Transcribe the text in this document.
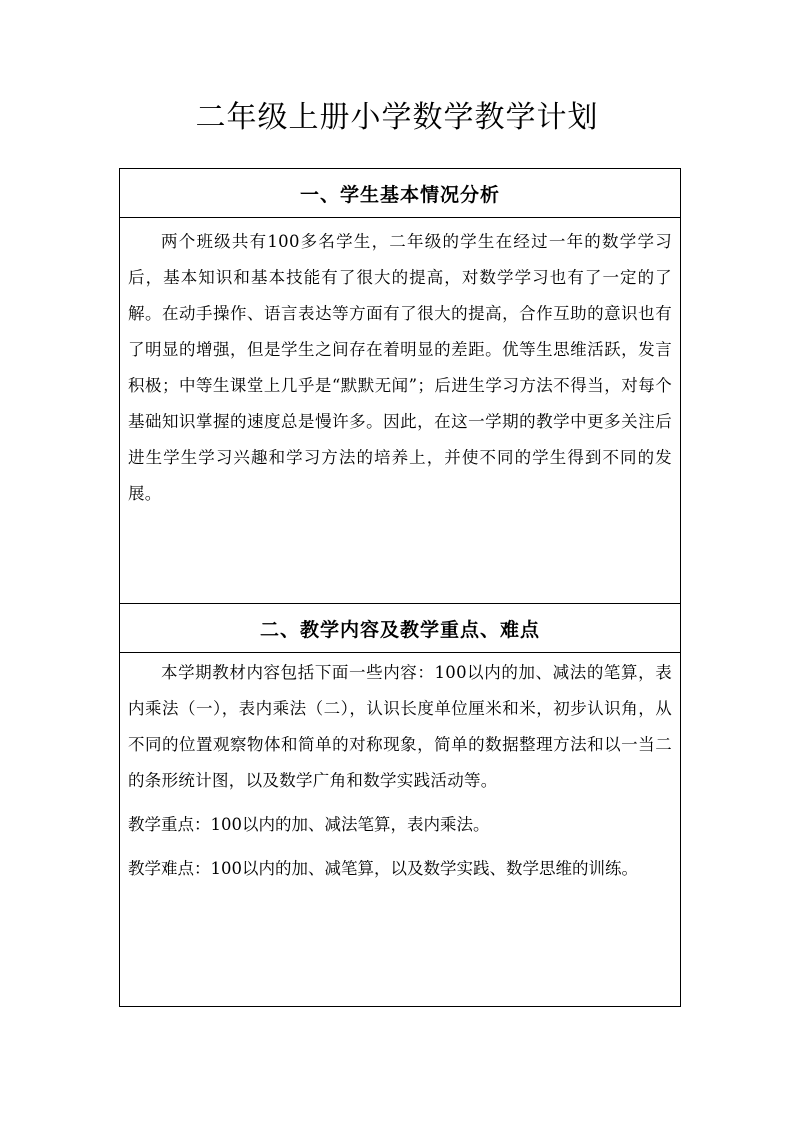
二年级上册小学数学教学计划
一、学生基本情况分析

两个班级共有100多名学生，二年级的学生在经过一年的数学学习后，基本知识和基本技能有了很大的提高，对数学学习也有了一定的了解。在动手操作、语言表达等方面有了很大的提高，合作互助的意识也有了明显的增强，但是学生之间存在着明显的差距。优等生思维活跃，发言积极；中等生课堂上几乎是“默默无闻”；后进生学习方法不得当，对每个基础知识掌握的速度总是慢许多。因此，在这一学期的教学中更多关注后进生学生学习兴趣和学习方法的培养上，并使不同的学生得到不同的发展。

二、教学内容及教学重点、难点

本学期教材内容包括下面一些内容：100以内的加、减法的笔算，表内乘法（一），表内乘法（二），认识长度单位厘米和米，初步认识角，从不同的位置观察物体和简单的对称现象，简单的数据整理方法和以一当二的条形统计图，以及数学广角和数学实践活动等。

教学重点：100以内的加、减法笔算，表内乘法。

教学难点：100以内的加、减笔算，以及数学实践、数学思维的训练。
